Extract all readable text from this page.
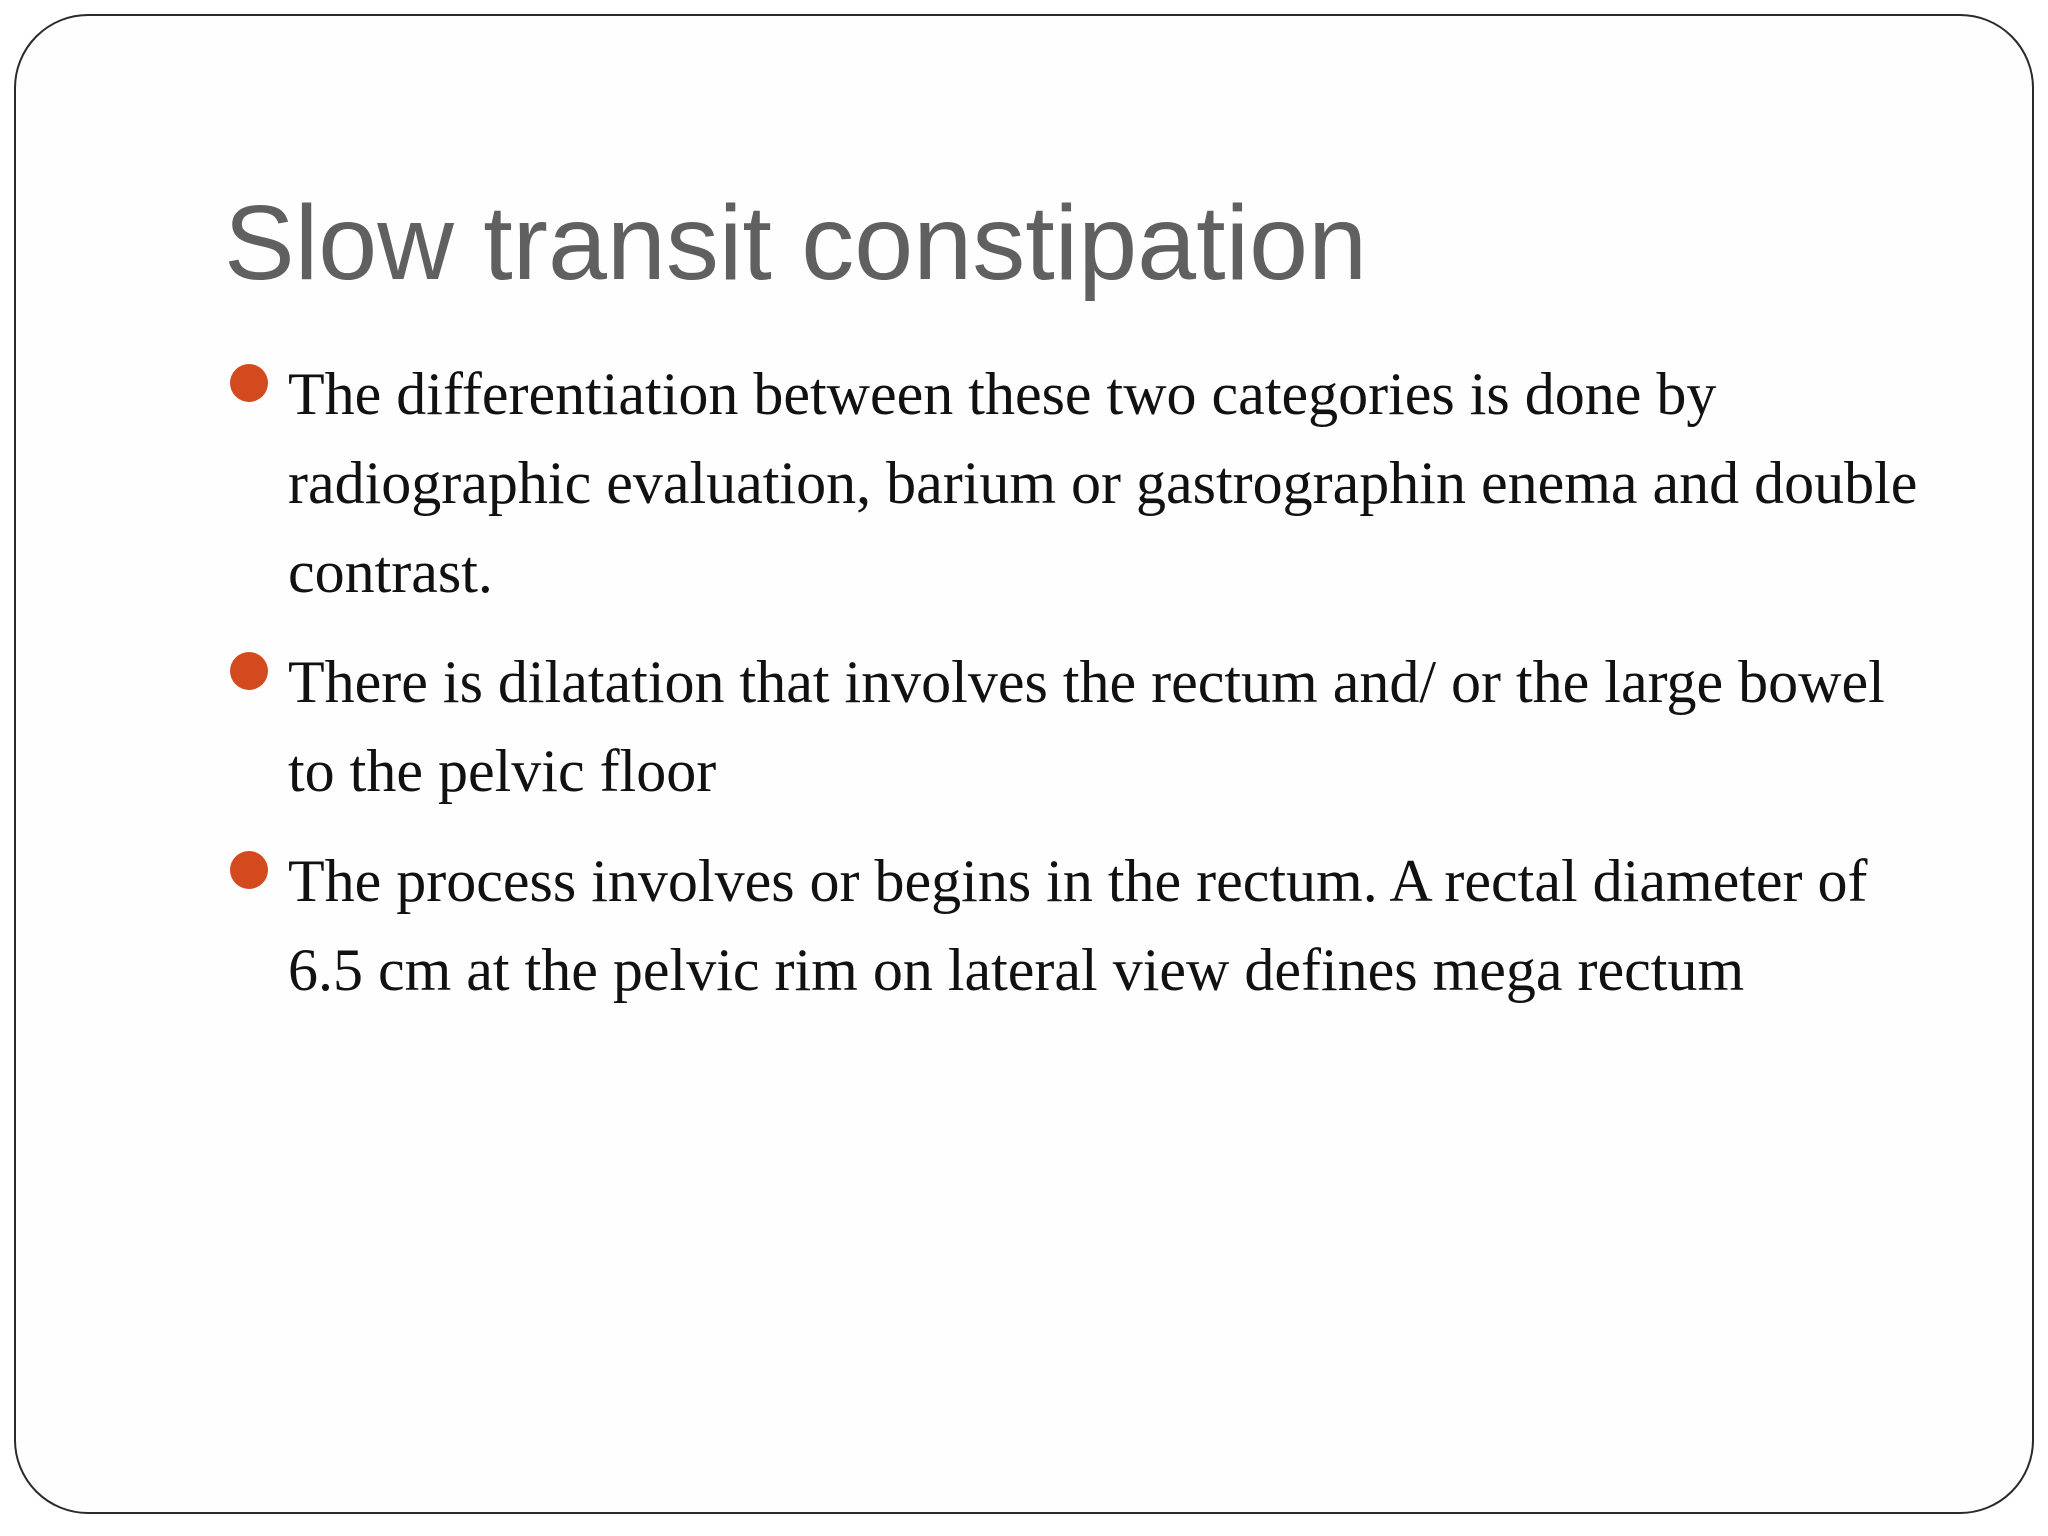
Slow transit constipation
The differentiation between these two categories is done by radiographic evaluation, barium or gastrographin enema and double contrast.
There is dilatation that involves the rectum and/ or the large bowel to the pelvic floor
The process involves or begins in the rectum. A rectal diameter of 6.5 cm at the pelvic rim on lateral view defines mega rectum
